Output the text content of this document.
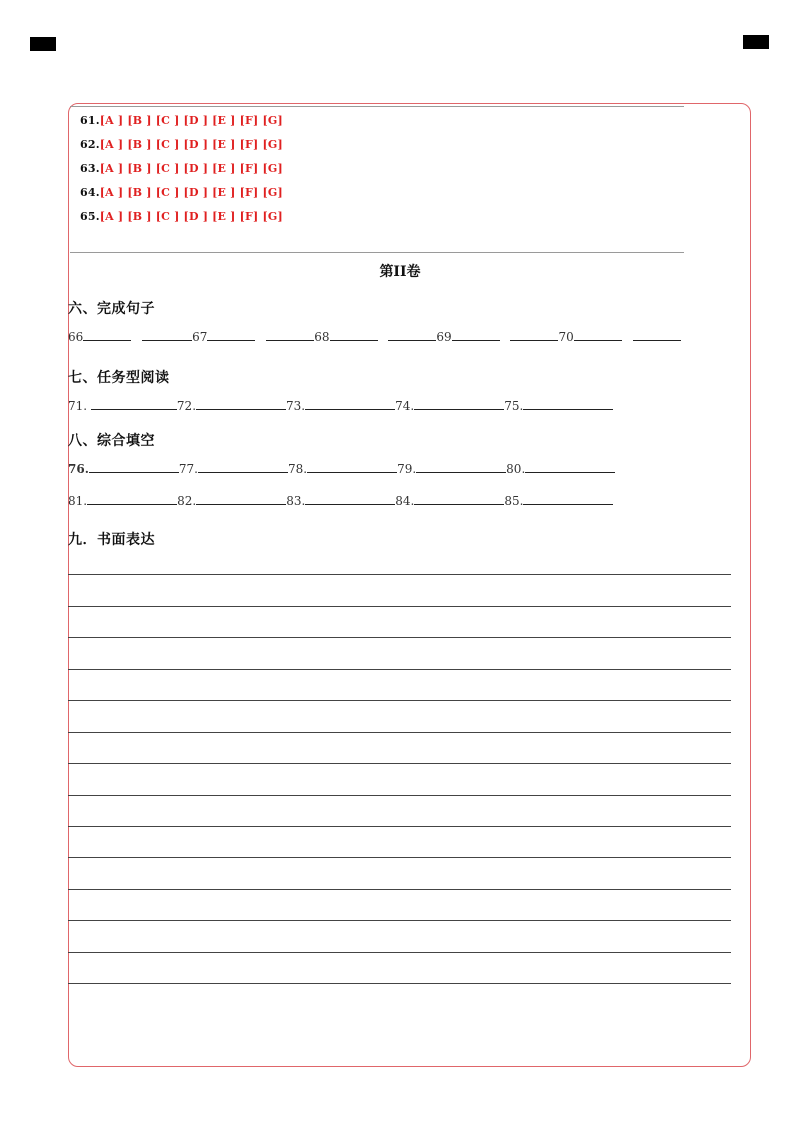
61.[A ] [B ] [C ] [D ] [E ] [F] [G]
62.[A ] [B ] [C ] [D ] [E ] [F] [G]
63.[A ] [B ] [C ] [D ] [E ] [F] [G]
64.[A ] [B ] [C ] [D ] [E ] [F] [G]
65.[A ] [B ] [C ] [D ] [E ] [F] [G]
第II卷
六、完成句子
66	67	68	69	70
七、任务型阅读
71.	72.	73.	74.	75.
八、综合填空
76.	77.	78.	79.	80.
81.	82.	83.	84.	85.
九．书面表达
